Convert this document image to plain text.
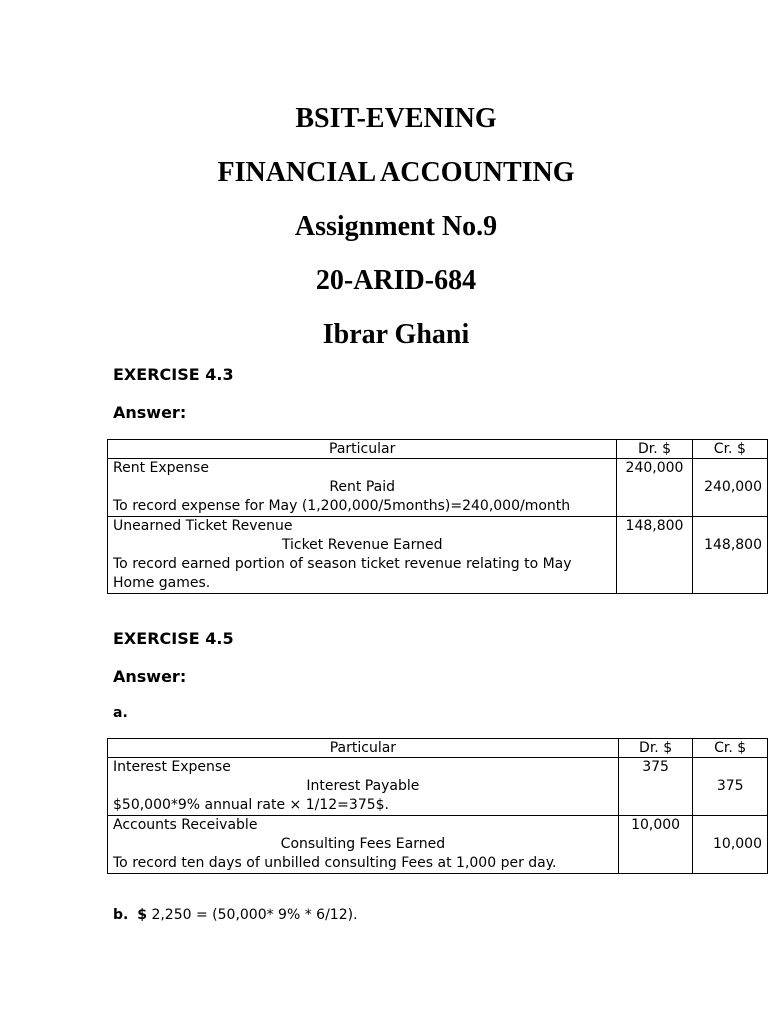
BSIT-EVENING
FINANCIAL ACCOUNTING
Assignment No.9
20-ARID-684
Ibrar Ghani
EXERCISE 4.3
Answer:
Particular	Dr. $	Cr. $

Rent Expense
Rent Paid
To record expense for May (1,200,000/5months)=240,000/month	240,000	240,000

Unearned Ticket Revenue
Ticket Revenue Earned
To record earned portion of season ticket revenue relating to May Home games.	148,800	148,800
EXERCISE 4.5
Answer:
a.
Particular	Dr. $	Cr. $

Interest Expense
Interest Payable
$50,000*9% annual rate × 1/12=375$.	375	375

Accounts Receivable
Consulting Fees Earned
To record ten days of unbilled consulting Fees at 1,000 per day.	10,000	10,000
b. $ 2,250 = (50,000* 9% * 6/12).
